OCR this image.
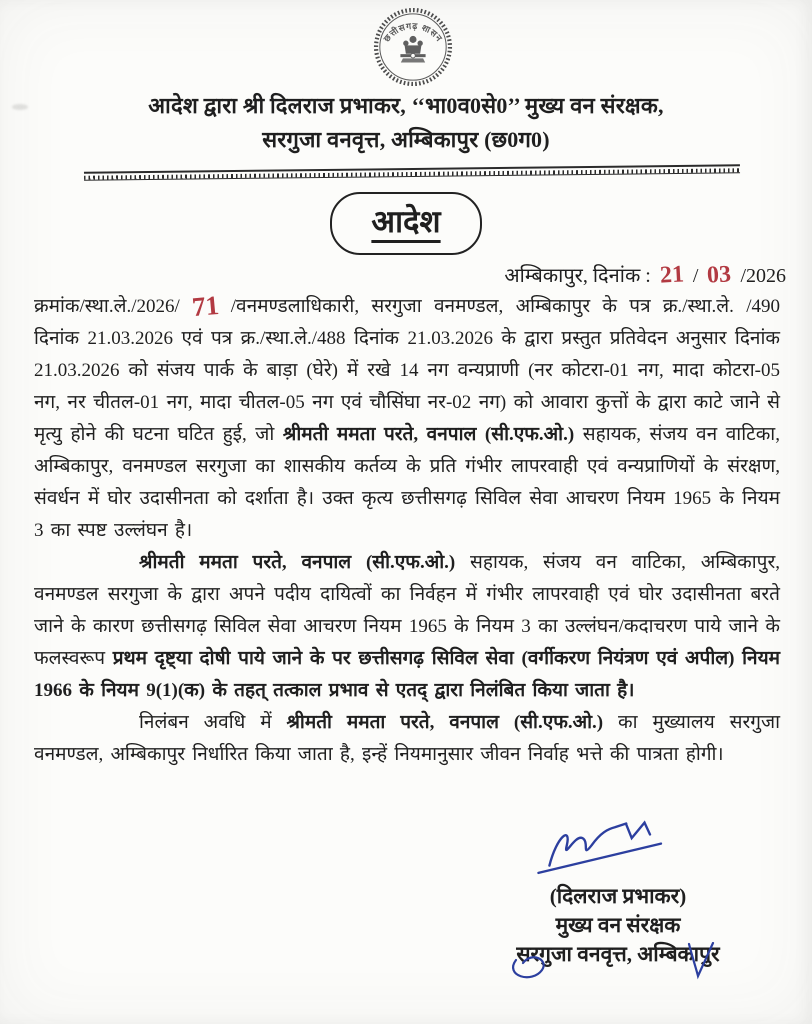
छत्तीसगढ़ शासन
आदेश द्वारा श्री दिलराज प्रभाकर, ‘‘भा0व0से0’’ मुख्य वन संरक्षक,
सरगुजा वनवृत्त, अम्बिकापुर (छ0ग0)
आदेश
अम्बिकापुर, दिनांक : 21 / 03 /2026

क्रमांक/स्था.ले./2026/ 71 /वनमण्डलाधिकारी, सरगुजा वनमण्डल, अम्बिकापुर के पत्र क्र./स्था.ले. /490 दिनांक 21.03.2026 एवं पत्र क्र./स्था.ले./488 दिनांक 21.03.2026 के द्वारा प्रस्तुत प्रतिवेदन अनुसार दिनांक 21.03.2026 को संजय पार्क के बाड़ा (घेरे) में रखे 14 नग वन्यप्राणी (नर कोटरा-01 नग, मादा कोटरा-05 नग, नर चीतल-01 नग, मादा चीतल-05 नग एवं चौसिंघा नर-02 नग) को आवारा कुत्तों के द्वारा काटे जाने से मृत्यु होने की घटना घटित हुई, जो श्रीमती ममता परते, वनपाल (सी.एफ.ओ.) सहायक, संजय वन वाटिका, अम्बिकापुर, वनमण्डल सरगुजा का शासकीय कर्तव्य के प्रति गंभीर लापरवाही एवं वन्यप्राणियों के संरक्षण, संवर्धन में घोर उदासीनता को दर्शाता है। उक्त कृत्य छत्तीसगढ़ सिविल सेवा आचरण नियम 1965 के नियम 3 का स्पष्ट उल्लंघन है।

श्रीमती ममता परते, वनपाल (सी.एफ.ओ.) सहायक, संजय वन वाटिका, अम्बिकापुर, वनमण्डल सरगुजा के द्वारा अपने पदीय दायित्वों का निर्वहन में गंभीर लापरवाही एवं घोर उदासीनता बरते जाने के कारण छत्तीसगढ़ सिविल सेवा आचरण नियम 1965 के नियम 3 का उल्लंघन/कदाचरण पाये जाने के फलस्वरूप प्रथम दृष्ट्या दोषी पाये जाने के पर छत्तीसगढ़ सिविल सेवा (वर्गीकरण नियंत्रण एवं अपील) नियम 1966 के नियम 9(1)(क) के तहत् तत्काल प्रभाव से एतद् द्वारा निलंबित किया जाता है।

निलंबन अवधि में श्रीमती ममता परते, वनपाल (सी.एफ.ओ.) का मुख्यालय सरगुजा वनमण्डल, अम्बिकापुर निर्धारित किया जाता है, इन्हें नियमानुसार जीवन निर्वाह भत्ते की पात्रता होगी।

(दिलराज प्रभाकर)
मुख्य वन संरक्षक
सरगुजा वनवृत्त, अम्बिकापुर
